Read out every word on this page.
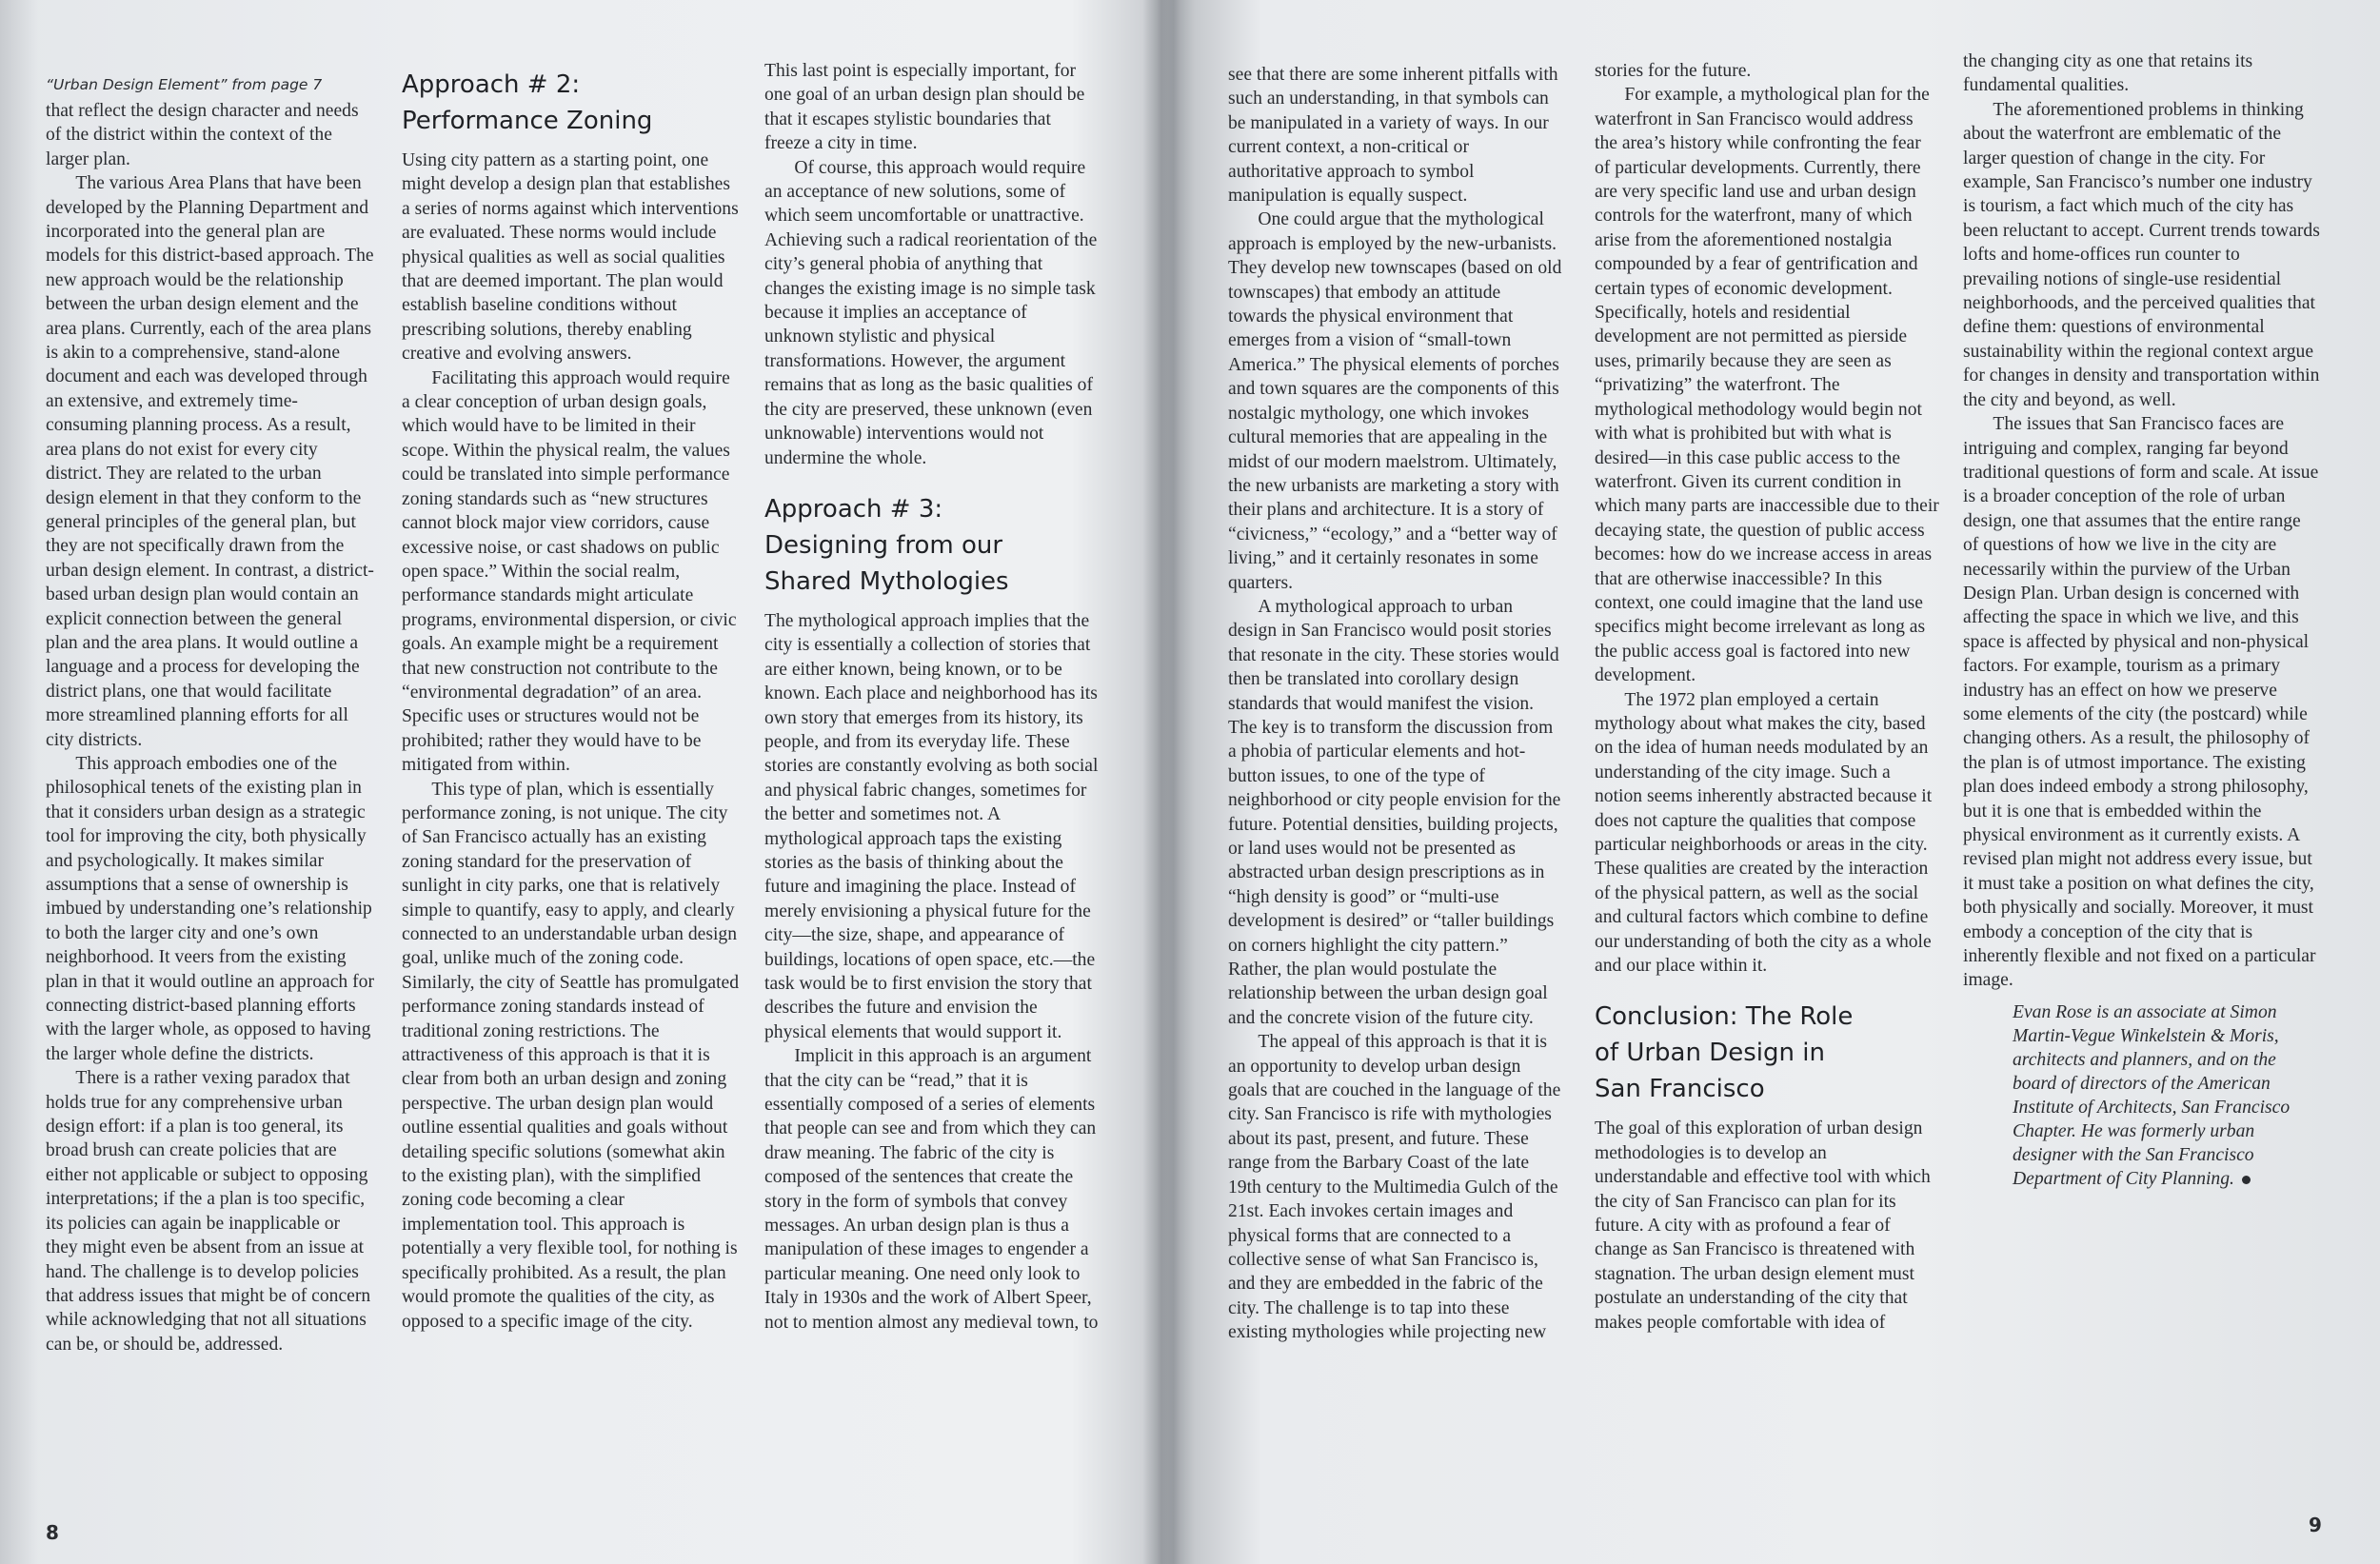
“Urban Design Element” from page 7

that reflect the design character and needs of the district within the context of the larger plan.

The various Area Plans that have been developed by the Planning Department and incorporated into the general plan are models for this district-based approach. The new approach would be the relationship between the urban design element and the area plans. Currently, each of the area plans is akin to a comprehensive, stand-alone document and each was developed through an extensive, and extremely time-consuming planning process. As a result, area plans do not exist for every city district. They are related to the urban design element in that they conform to the general principles of the general plan, but they are not specifically drawn from the urban design element. In contrast, a district-based urban design plan would contain an explicit connection between the general plan and the area plans. It would outline a language and a process for developing the district plans, one that would facilitate more streamlined planning efforts for all city districts.

This approach embodies one of the philosophical tenets of the existing plan in that it considers urban design as a strategic tool for improving the city, both physically and psychologically. It makes similar assumptions that a sense of ownership is imbued by understanding one’s relationship to both the larger city and one’s own neighborhood. It veers from the existing plan in that it would outline an approach for connecting district-based planning efforts with the larger whole, as opposed to having the larger whole define the districts.

There is a rather vexing paradox that holds true for any comprehensive urban design effort: if a plan is too general, its broad brush can create policies that are either not applicable or subject to opposing interpretations; if the a plan is too specific, its policies can again be inapplicable or they might even be absent from an issue at hand. The challenge is to develop policies that address issues that might be of concern while acknowledging that not all situations can be, or should be, addressed.

Approach # 2:
Performance Zoning

Using city pattern as a starting point, one might develop a design plan that establishes a series of norms against which interventions are evaluated. These norms would include physical qualities as well as social qualities that are deemed important. The plan would establish baseline conditions without prescribing solutions, thereby enabling creative and evolving answers.

Facilitating this approach would require a clear conception of urban design goals, which would have to be limited in their scope. Within the physical realm, the values could be translated into simple performance zoning standards such as “new structures cannot block major view corridors, cause excessive noise, or cast shadows on public open space.” Within the social realm, performance standards might articulate programs, environmental dispersion, or civic goals. An example might be a requirement that new construction not contribute to the “environmental degradation” of an area. Specific uses or structures would not be prohibited; rather they would have to be mitigated from within.

This type of plan, which is essentially performance zoning, is not unique. The city of San Francisco actually has an existing zoning standard for the preservation of sunlight in city parks, one that is relatively simple to quantify, easy to apply, and clearly connected to an understandable urban design goal, unlike much of the zoning code. Similarly, the city of Seattle has promulgated performance zoning standards instead of traditional zoning restrictions. The attractiveness of this approach is that it is clear from both an urban design and zoning perspective. The urban design plan would outline essential qualities and goals without detailing specific solutions (somewhat akin to the existing plan), with the simplified zoning code becoming a clear implementation tool. This approach is potentially a very flexible tool, for nothing is specifically prohibited. As a result, the plan would promote the qualities of the city, as opposed to a specific image of the city.

This last point is especially important, for one goal of an urban design plan should be that it escapes stylistic boundaries that freeze a city in time.

Of course, this approach would require an acceptance of new solutions, some of which seem uncomfortable or unattractive. Achieving such a radical reorientation of the city’s general phobia of anything that changes the existing image is no simple task because it implies an acceptance of unknown stylistic and physical transformations. However, the argument remains that as long as the basic qualities of the city are preserved, these unknown (even unknowable) interventions would not undermine the whole.

Approach # 3:
Designing from our
Shared Mythologies

The mythological approach implies that the city is essentially a collection of stories that are either known, being known, or to be known. Each place and neighborhood has its own story that emerges from its history, its people, and from its everyday life. These stories are constantly evolving as both social and physical fabric changes, sometimes for the better and sometimes not. A mythological approach taps the existing stories as the basis of thinking about the future and imagining the place. Instead of merely envisioning a physical future for the city—the size, shape, and appearance of buildings, locations of open space, etc.—the task would be to first envision the story that describes the future and envision the physical elements that would support it.

Implicit in this approach is an argument that the city can be “read,” that it is essentially composed of a series of elements that people can see and from which they can draw meaning. The fabric of the city is composed of the sentences that create the story in the form of symbols that convey messages. An urban design plan is thus a manipulation of these images to engender a particular meaning. One need only look to Italy in 1930s and the work of Albert Speer, not to mention almost any medieval town, to

8

see that there are some inherent pitfalls with such an understanding, in that symbols can be manipulated in a variety of ways. In our current context, a non-critical or authoritative approach to symbol manipulation is equally suspect.

One could argue that the mythological approach is employed by the new-urbanists. They develop new townscapes (based on old townscapes) that embody an attitude towards the physical environment that emerges from a vision of “small-town America.” The physical elements of porches and town squares are the components of this nostalgic mythology, one which invokes cultural memories that are appealing in the midst of our modern maelstrom. Ultimately, the new urbanists are marketing a story with their plans and architecture. It is a story of “civicness,” “ecology,” and a “better way of living,” and it certainly resonates in some quarters.

A mythological approach to urban design in San Francisco would posit stories that resonate in the city. These stories would then be translated into corollary design standards that would manifest the vision. The key is to transform the discussion from a phobia of particular elements and hot-button issues, to one of the type of neighborhood or city people envision for the future. Potential densities, building projects, or land uses would not be presented as abstracted urban design prescriptions as in “high density is good” or “multi-use development is desired” or “taller buildings on corners highlight the city pattern.” Rather, the plan would postulate the relationship between the urban design goal and the concrete vision of the future city.

The appeal of this approach is that it is an opportunity to develop urban design goals that are couched in the language of the city. San Francisco is rife with mythologies about its past, present, and future. These range from the Barbary Coast of the late 19th century to the Multimedia Gulch of the 21st. Each invokes certain images and physical forms that are connected to a collective sense of what San Francisco is, and they are embedded in the fabric of the city. The challenge is to tap into these existing mythologies while projecting new

stories for the future.

For example, a mythological plan for the waterfront in San Francisco would address the area’s history while confronting the fear of particular developments. Currently, there are very specific land use and urban design controls for the waterfront, many of which arise from the aforementioned nostalgia compounded by a fear of gentrification and certain types of economic development. Specifically, hotels and residential development are not permitted as pierside uses, primarily because they are seen as “privatizing” the waterfront. The mythological methodology would begin not with what is prohibited but with what is desired—in this case public access to the waterfront. Given its current condition in which many parts are inaccessible due to their decaying state, the question of public access becomes: how do we increase access in areas that are otherwise inaccessible? In this context, one could imagine that the land use specifics might become irrelevant as long as the public access goal is factored into new development.

The 1972 plan employed a certain mythology about what makes the city, based on the idea of human needs modulated by an understanding of the city image. Such a notion seems inherently abstracted because it does not capture the qualities that compose particular neighborhoods or areas in the city. These qualities are created by the interaction of the physical pattern, as well as the social and cultural factors which combine to define our understanding of both the city as a whole and our place within it.

Conclusion: The Role
of Urban Design in
San Francisco

The goal of this exploration of urban design methodologies is to develop an understandable and effective tool with which the city of San Francisco can plan for its future. A city with as profound a fear of change as San Francisco is threatened with stagnation. The urban design element must postulate an understanding of the city that makes people comfortable with idea of

the changing city as one that retains its fundamental qualities.

The aforementioned problems in thinking about the waterfront are emblematic of the larger question of change in the city. For example, San Francisco’s number one industry is tourism, a fact which much of the city has been reluctant to accept. Current trends towards lofts and home-offices run counter to prevailing notions of single-use residential neighborhoods, and the perceived qualities that define them: questions of environmental sustainability within the regional context argue for changes in density and transportation within the city and beyond, as well.

The issues that San Francisco faces are intriguing and complex, ranging far beyond traditional questions of form and scale. At issue is a broader conception of the role of urban design, one that assumes that the entire range of questions of how we live in the city are necessarily within the purview of the Urban Design Plan. Urban design is concerned with affecting the space in which we live, and this space is affected by physical and non-physical factors. For example, tourism as a primary industry has an effect on how we preserve some elements of the city (the postcard) while changing others. As a result, the philosophy of the plan is of utmost importance. The existing plan does indeed embody a strong philosophy, but it is one that is embedded within the physical environment as it currently exists. A revised plan might not address every issue, but it must take a position on what defines the city, both physically and socially. Moreover, it must embody a conception of the city that is inherently flexible and not fixed on a particular image.

Evan Rose is an associate at Simon Martin-Vegue Winkelstein & Moris, architects and planners, and on the board of directors of the American Institute of Architects, San Francisco Chapter. He was formerly urban designer with the San Francisco Department of City Planning.

9
